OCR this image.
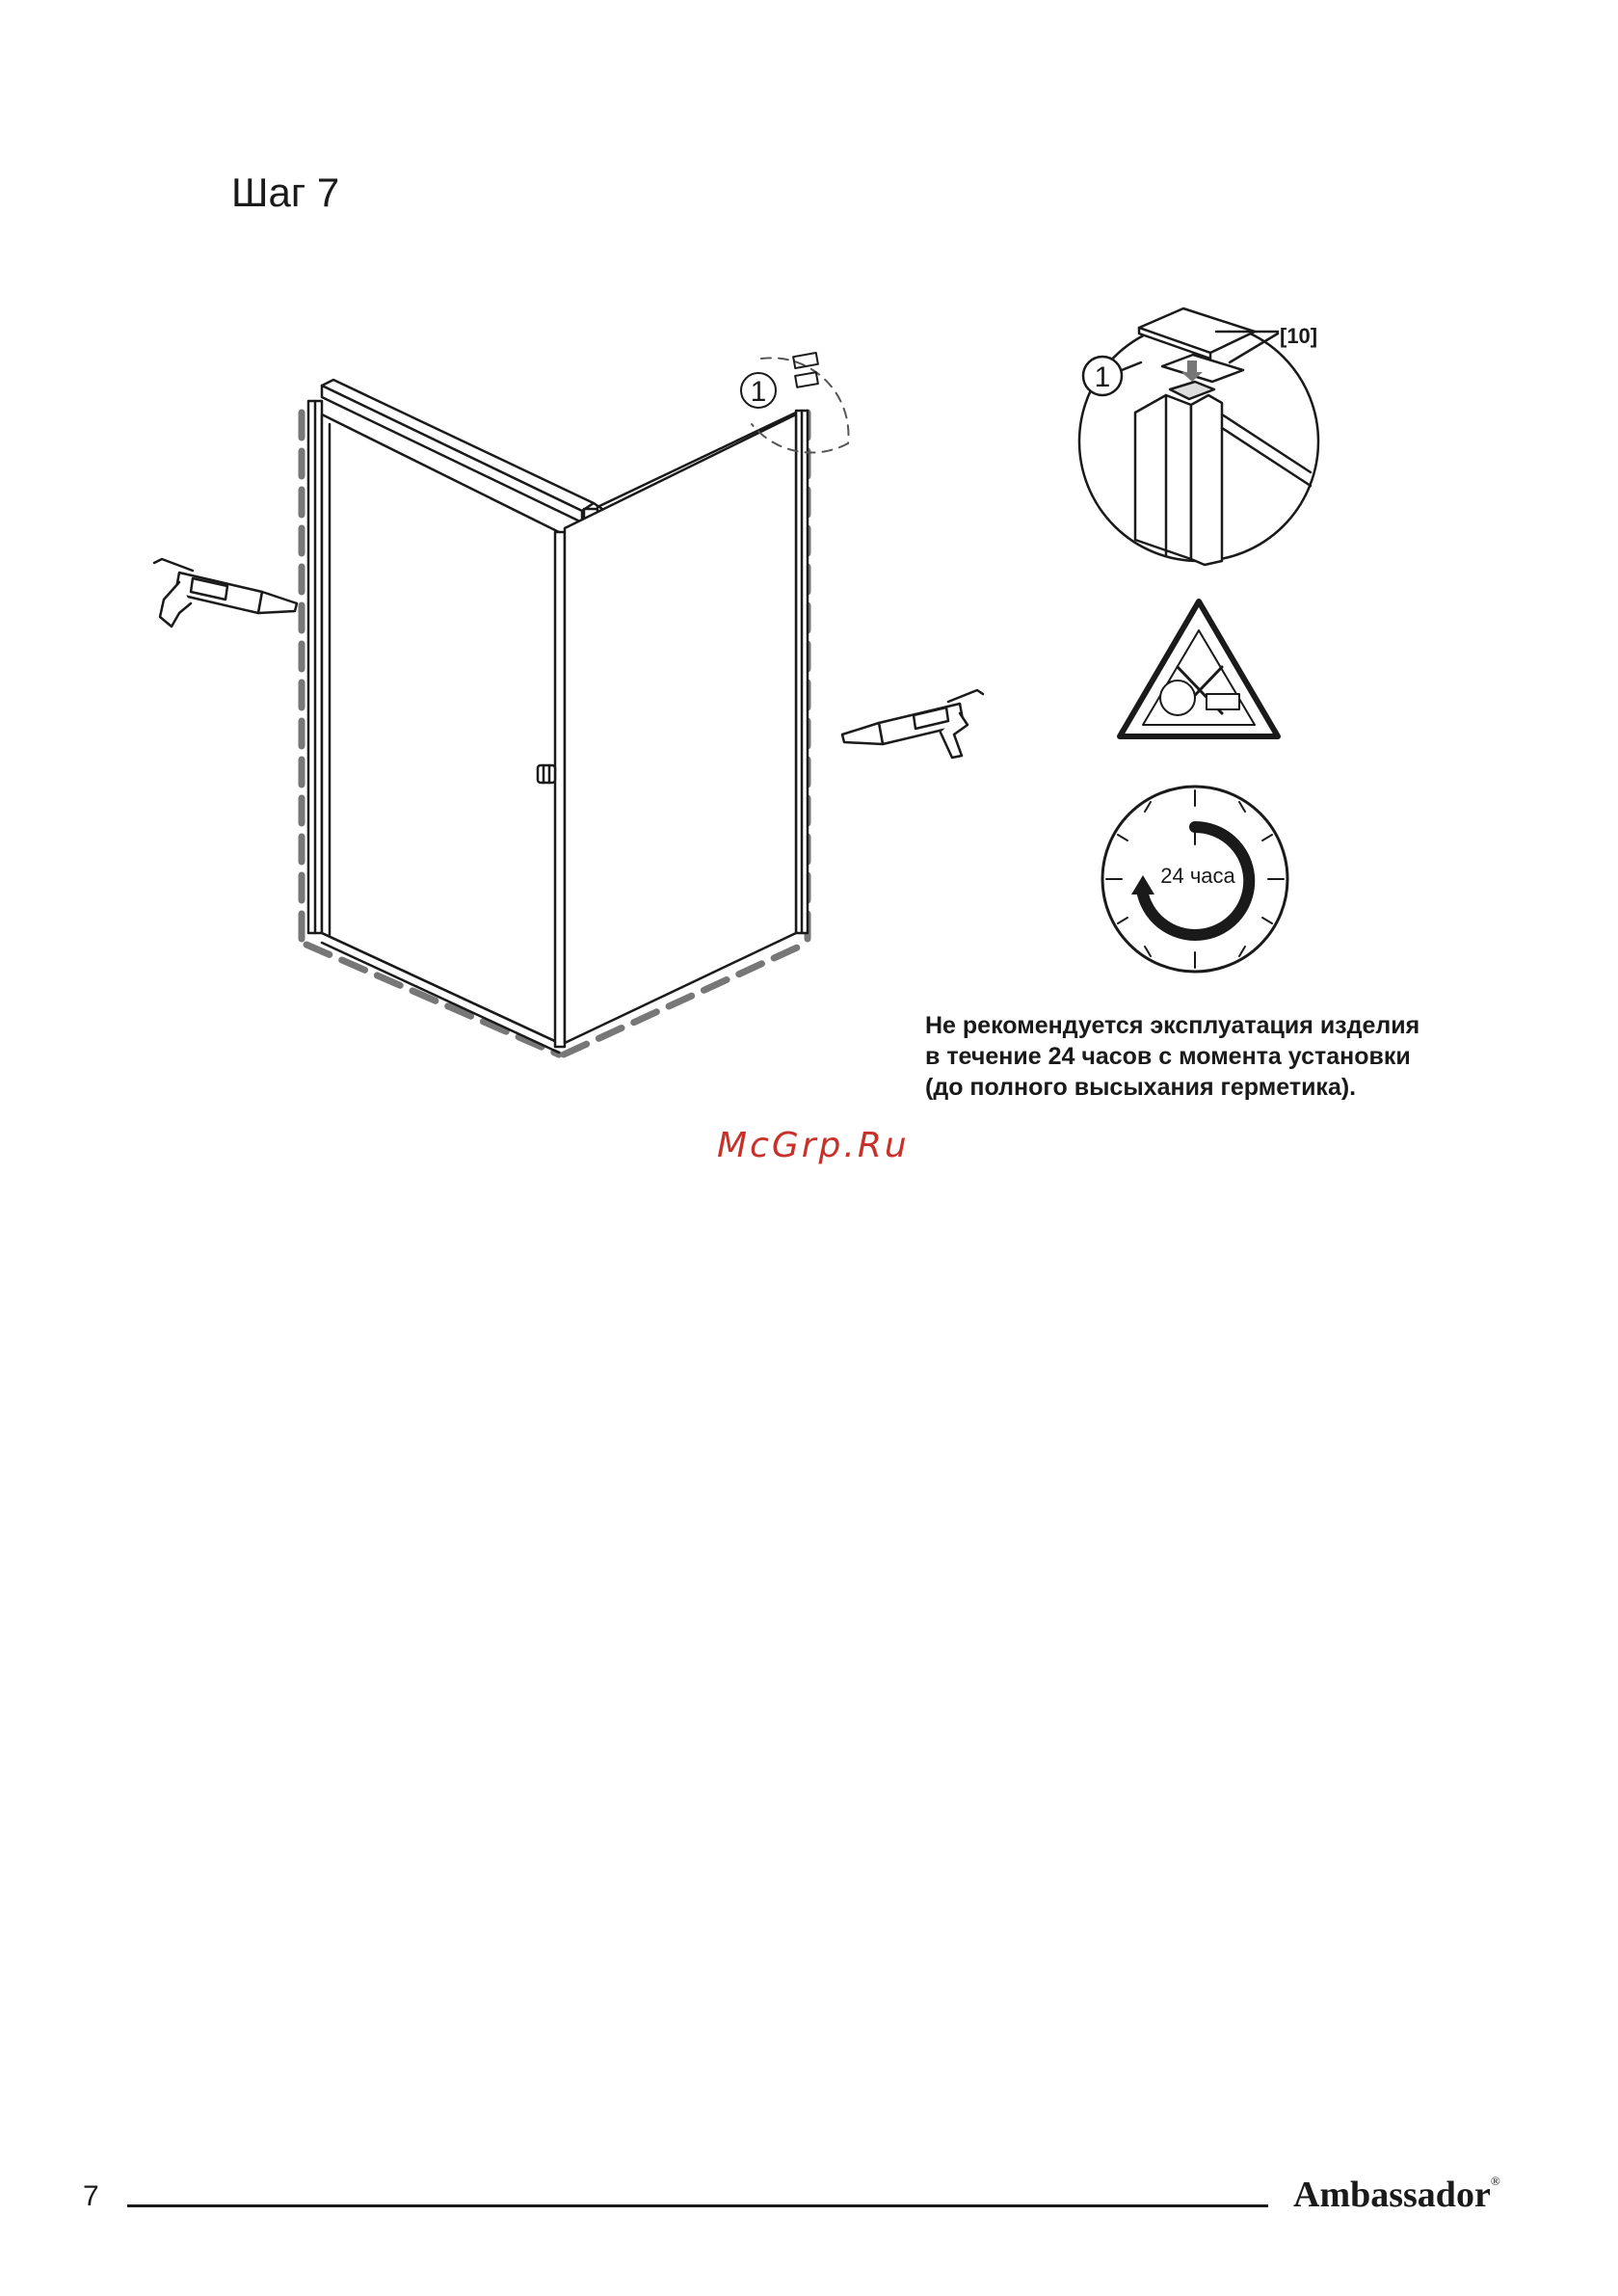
Шаг 7
1	1
[10]
24 часа
Не рекомендуется эксплуатация изделия
в течение 24 часов с момента установки
(до полного высыхания герметика).
McGrp.Ru
7	Ambassador®
